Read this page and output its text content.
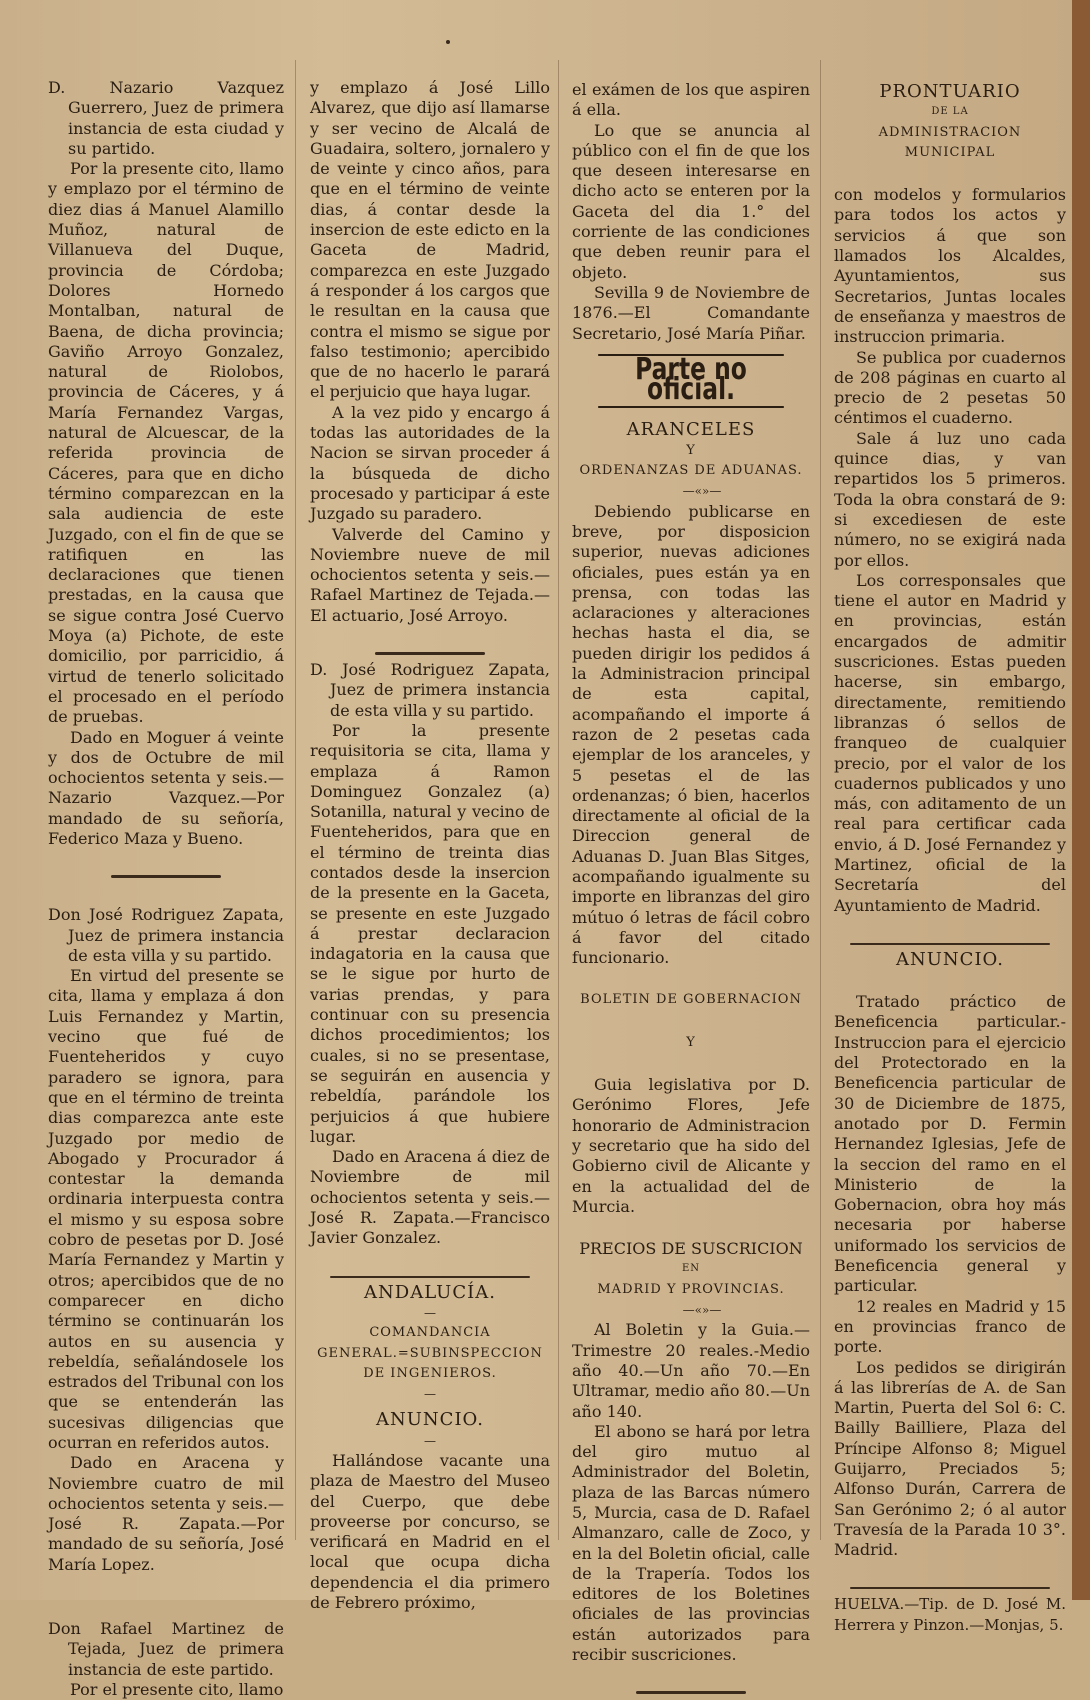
D. Nazario Vazquez Guerrero, Juez de primera instancia de esta ciudad y su partido.

Por la presente cito, llamo y emplazo por el término de diez dias á Manuel Alamillo Muñoz, natural de Villanueva del Duque, provincia de Córdoba; Dolores Hornedo Montalban, natural de Baena, de dicha provincia; Gaviño Arroyo Gonzalez, natural de Riolobos, provincia de Cáceres, y á María Fernandez Vargas, natural de Alcuescar, de la referida provincia de Cáceres, para que en dicho término comparezcan en la sala audiencia de este Juzgado, con el fin de que se ratifiquen en las declaraciones que tienen prestadas, en la causa que se sigue contra José Cuervo Moya (a) Pichote, de este domicilio, por parricidio, á virtud de tenerlo solicitado el procesado en el período de pruebas.

Dado en Moguer á veinte y dos de Octubre de mil ochocientos setenta y seis.—Nazario Vazquez.—Por mandado de su señoría, Federico Maza y Bueno.

Don José Rodriguez Zapata, Juez de primera instancia de esta villa y su partido.

En virtud del presente se cita, llama y emplaza á don Luis Fernandez y Martin, vecino que fué de Fuenteheridos y cuyo paradero se ignora, para que en el término de treinta dias comparezca ante este Juzgado por medio de Abogado y Procurador á contestar la demanda ordinaria interpuesta contra el mismo y su esposa sobre cobro de pesetas por D. José María Fernandez y Martin y otros; apercibidos que de no comparecer en dicho término se continuarán los autos en su ausencia y rebeldía, señalándosele los estrados del Tribunal con los que se entenderán las sucesivas diligencias que ocurran en referidos autos.

Dado en Aracena y Noviembre cuatro de mil ochocientos setenta y seis.—José R. Zapata.—Por mandado de su señoría, José María Lopez.

Don Rafael Martinez de Tejada, Juez de primera instancia de este partido.

Por el presente cito, llamo

y emplazo á José Lillo Alvarez, que dijo así llamarse y ser vecino de Alcalá de Guadaira, soltero, jornalero y de veinte y cinco años, para que en el término de veinte dias, á contar desde la insercion de este edicto en la Gaceta de Madrid, comparezca en este Juzgado á responder á los cargos que le resultan en la causa que contra el mismo se sigue por falso testimonio; apercibido que de no hacerlo le parará el perjuicio que haya lugar.

A la vez pido y encargo á todas las autoridades de la Nacion se sirvan proceder á la búsqueda de dicho procesado y participar á este Juzgado su paradero.

Valverde del Camino y Noviembre nueve de mil ochocientos setenta y seis.—Rafael Martinez de Tejada.—El actuario, José Arroyo.

D. José Rodriguez Zapata, Juez de primera instancia de esta villa y su partido.

Por la presente requisitoria se cita, llama y emplaza á Ramon Dominguez Gonzalez (a) Sotanilla, natural y vecino de Fuenteheridos, para que en el término de treinta dias contados desde la insercion de la presente en la Gaceta, se presente en este Juzgado á prestar declaracion indagatoria en la causa que se le sigue por hurto de varias prendas, y para continuar con su presencia dichos procedimientos; los cuales, si no se presentase, se seguirán en ausencia y rebeldía, parándole los perjuicios á que hubiere lugar.

Dado en Aracena á diez de Noviembre de mil ochocientos setenta y seis.—José R. Zapata.—Francisco Javier Gonzalez.

ANDALUCÍA.

—

COMANDANCIA GENERAL.=SUBINSPECCION DE INGENIEROS.

—

ANUNCIO.

—

Hallándose vacante una plaza de Maestro del Museo del Cuerpo, que debe proveerse por concurso, se verificará en Madrid en el local que ocupa dicha dependencia el dia primero de Febrero próximo,

el exámen de los que aspiren á ella.

Lo que se anuncia al público con el fin de que los que deseen interesarse en dicho acto se enteren por la Gaceta del dia 1.° del corriente de las condiciones que deben reunir para el objeto.

Sevilla 9 de Noviembre de 1876.—El Comandante Secretario, José María Piñar.

Parte no oficial.

ARANCELES

Y

ORDENANZAS DE ADUANAS.

—«»—

Debiendo publicarse en breve, por disposicion superior, nuevas adiciones oficiales, pues están ya en prensa, con todas las aclaraciones y alteraciones hechas hasta el dia, se pueden dirigir los pedidos á la Administracion principal de esta capital, acompañando el importe á razon de 2 pesetas cada ejemplar de los aranceles, y 5 pesetas el de las ordenanzas; ó bien, hacerlos directamente al oficial de la Direccion general de Aduanas D. Juan Blas Sitges, acompañando igualmente su importe en libranzas del giro mútuo ó letras de fácil cobro á favor del citado funcionario.

BOLETIN DE GOBERNACION

Y

Guia legislativa por D. Gerónimo Flores, Jefe honorario de Administracion y secretario que ha sido del Gobierno civil de Alicante y en la actualidad del de Murcia.

PRECIOS DE SUSCRICION

EN

MADRID Y PROVINCIAS.

—«»—

Al Boletin y la Guia.—Trimestre 20 reales.-Medio año 40.—Un año 70.—En Ultramar, medio año 80.—Un año 140.

El abono se hará por letra del giro mutuo al Administrador del Boletin, plaza de las Barcas número 5, Murcia, casa de D. Rafael Almanzaro, calle de Zoco, y en la del Boletin oficial, calle de la Trapería. Todos los editores de los Boletines oficiales de las provincias están autorizados para recibir suscriciones.

PRONTUARIO

DE LA

ADMINISTRACION MUNICIPAL

con modelos y formularios para todos los actos y servicios á que son llamados los Alcaldes, Ayuntamientos, sus Secretarios, Juntas locales de enseñanza y maestros de instruccion primaria.

Se publica por cuadernos de 208 páginas en cuarto al precio de 2 pesetas 50 céntimos el cuaderno.

Sale á luz uno cada quince dias, y van repartidos los 5 primeros. Toda la obra constará de 9: si excediesen de este número, no se exigirá nada por ellos.

Los corresponsales que tiene el autor en Madrid y en provincias, están encargados de admitir suscriciones. Estas pueden hacerse, sin embargo, directamente, remitiendo libranzas ó sellos de franqueo de cualquier precio, por el valor de los cuadernos publicados y uno más, con aditamento de un real para certificar cada envio, á D. José Fernandez y Martinez, oficial de la Secretaría del Ayuntamiento de Madrid.

ANUNCIO.

Tratado práctico de Beneficencia particular.-Instruccion para el ejercicio del Protectorado en la Beneficencia particular de 30 de Diciembre de 1875, anotado por D. Fermin Hernandez Iglesias, Jefe de la seccion del ramo en el Ministerio de la Gobernacion, obra hoy más necesaria por haberse uniformado los servicios de Beneficencia general y particular.

12 reales en Madrid y 15 en provincias franco de porte.

Los pedidos se dirigirán á las librerías de A. de San Martin, Puerta del Sol 6: C. Bailly Bailliere, Plaza del Príncipe Alfonso 8; Miguel Guijarro, Preciados 5; Alfonso Durán, Carrera de San Gerónimo 2; ó al autor Travesía de la Parada 10 3°. Madrid.

HUELVA.—Tip. de D. José M. Herrera y Pinzon.—Monjas, 5.
